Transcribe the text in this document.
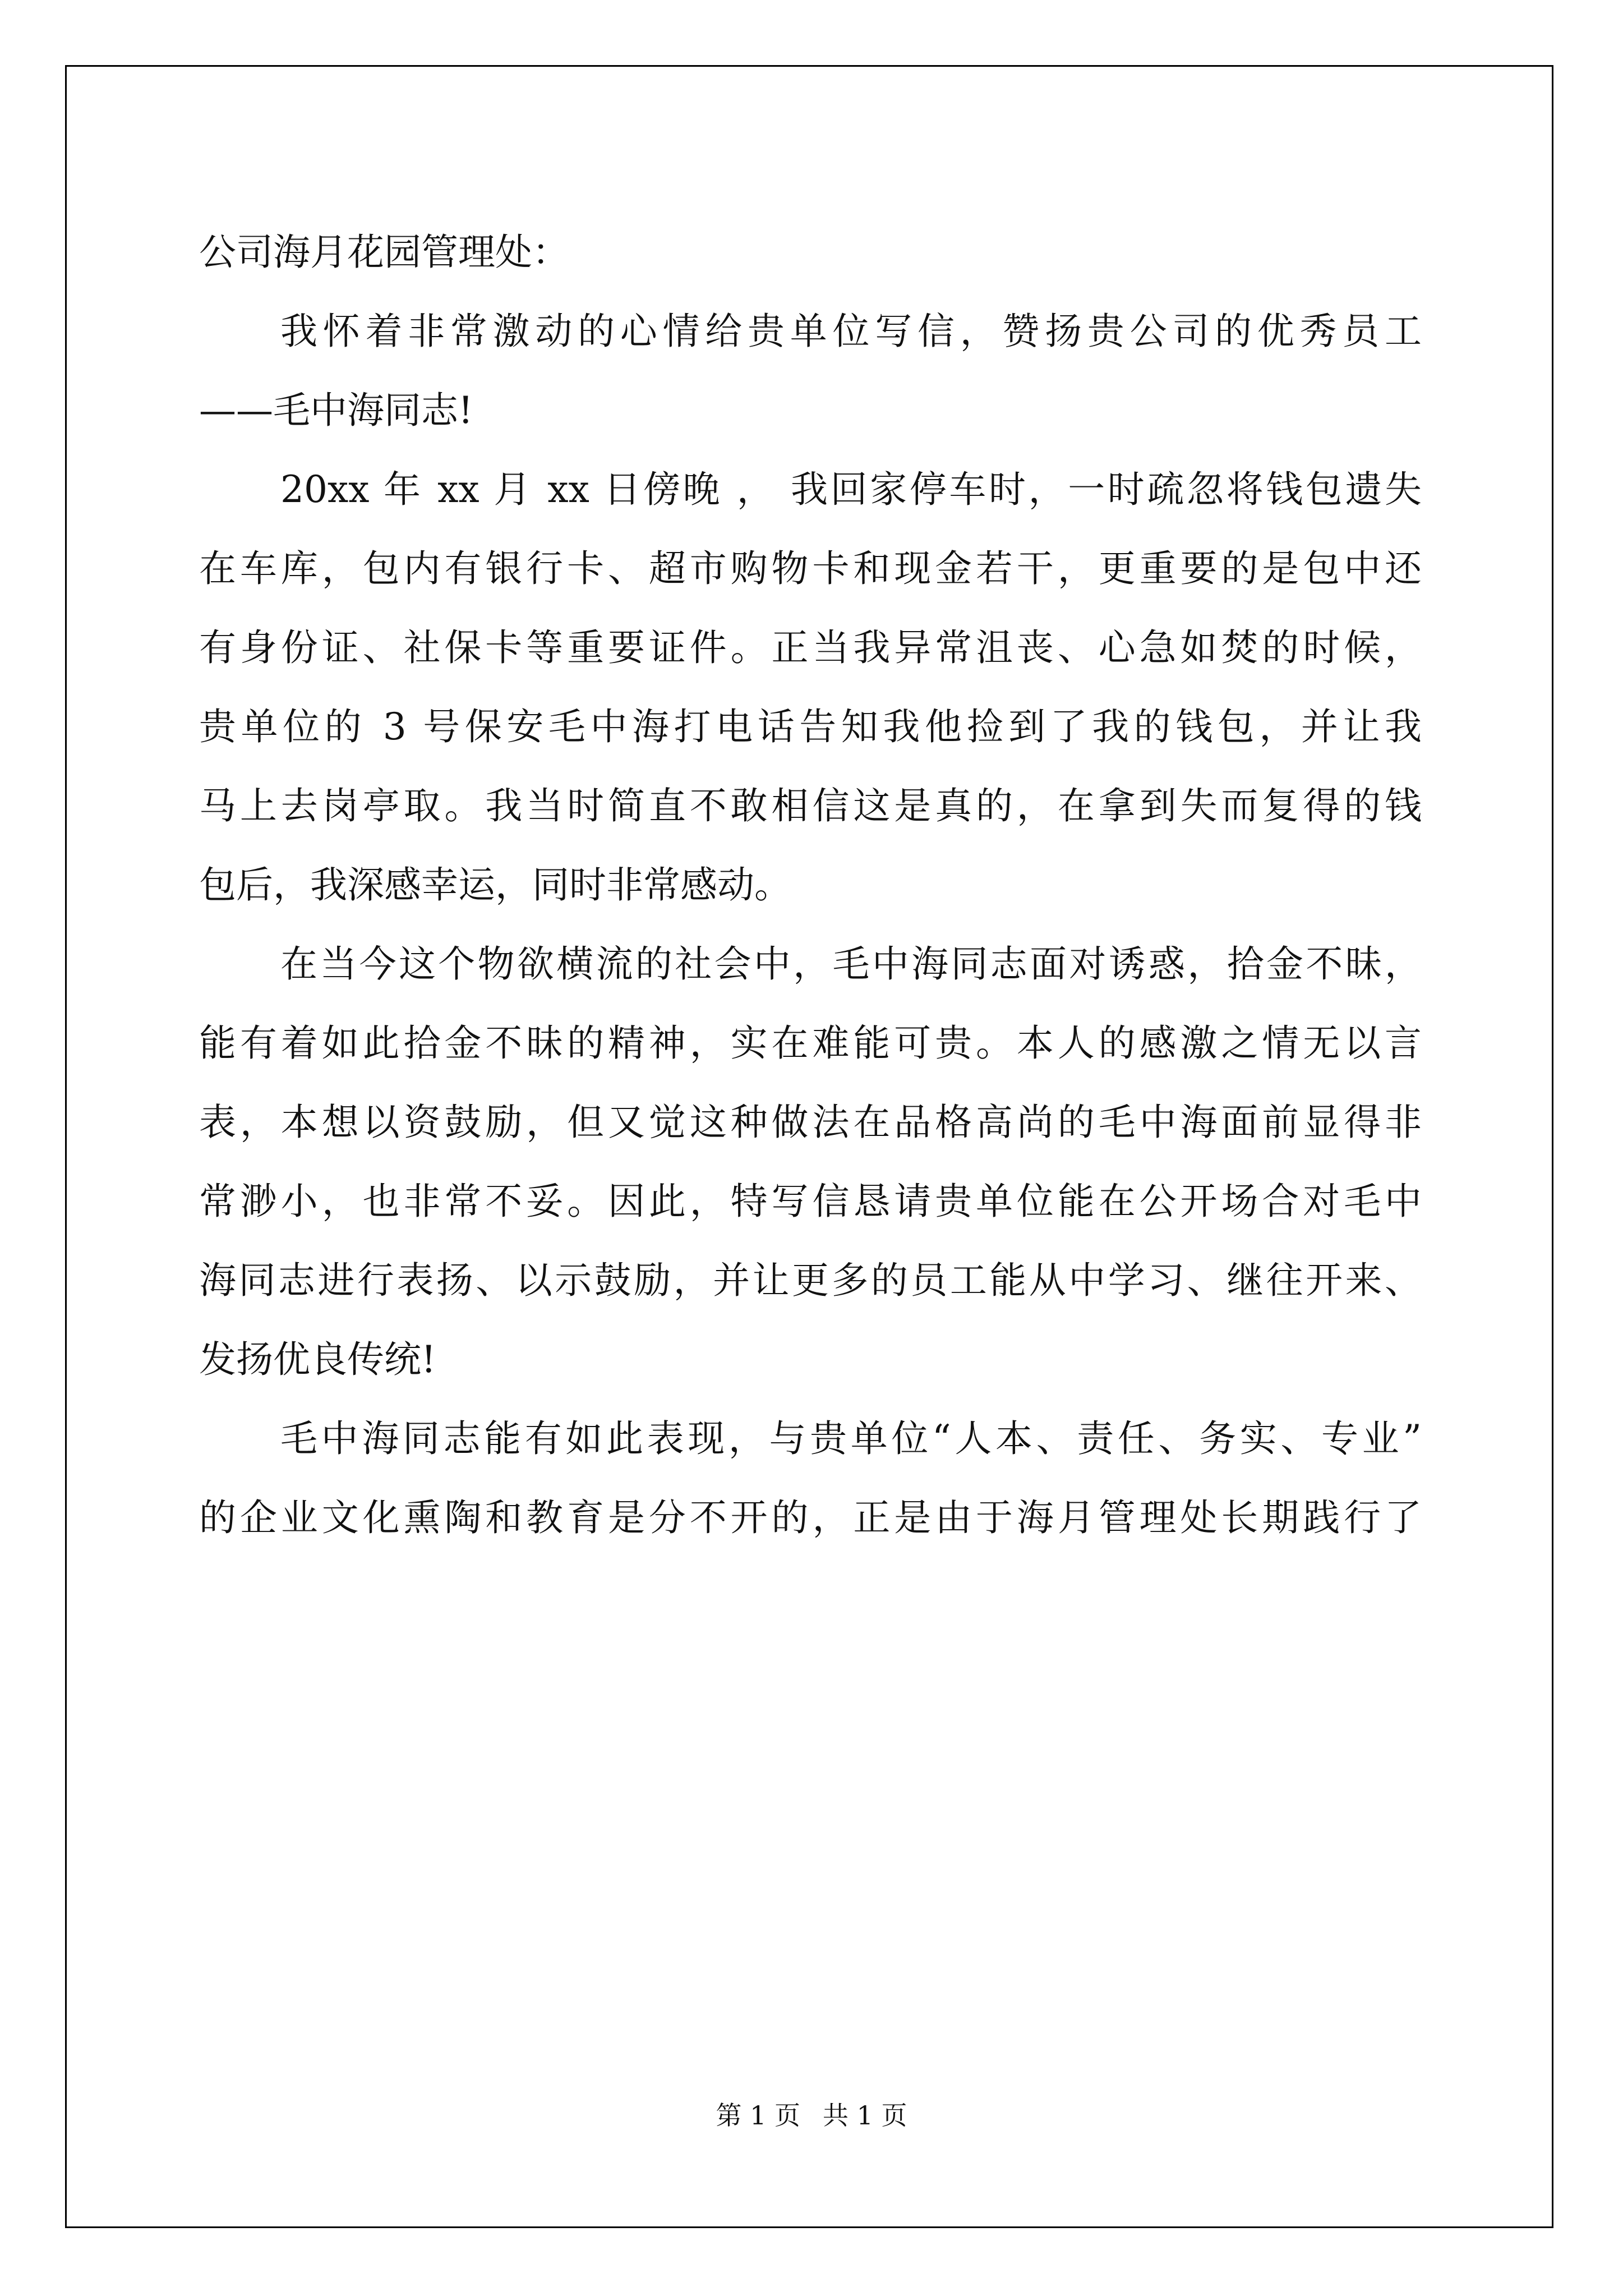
公司海月花园管理处：

我怀着非常激动的心情给贵单位写信，赞扬贵公司的优秀员工
——毛中海同志!
20xx 年 xx 月 xx 日傍晚 ， 我回家停车时，一时疏忽将钱包遗失
在车库，包内有银行卡、超市购物卡和现金若干，更重要的是包中还
有身份证、社保卡等重要证件。正当我异常沮丧、心急如焚的时候，
贵单位的 3 号保安毛中海打电话告知我他捡到了我的钱包，并让我
马上去岗亭取。我当时简直不敢相信这是真的，在拿到失而复得的钱
包后，我深感幸运，同时非常感动。
在当今这个物欲横流的社会中，毛中海同志面对诱惑，拾金不昧，
能有着如此拾金不昧的精神，实在难能可贵。本人的感激之情无以言
表，本想以资鼓励，但又觉这种做法在品格高尚的毛中海面前显得非
常渺小，也非常不妥。因此，特写信恳请贵单位能在公开场合对毛中
海同志进行表扬、以示鼓励，并让更多的员工能从中学习、继往开来、
发扬优良传统!
毛中海同志能有如此表现，与贵单位“人本、责任、务实、专业”
的企业文化熏陶和教育是分不开的，正是由于海月管理处长期践行了
第 1 页 共 1 页
